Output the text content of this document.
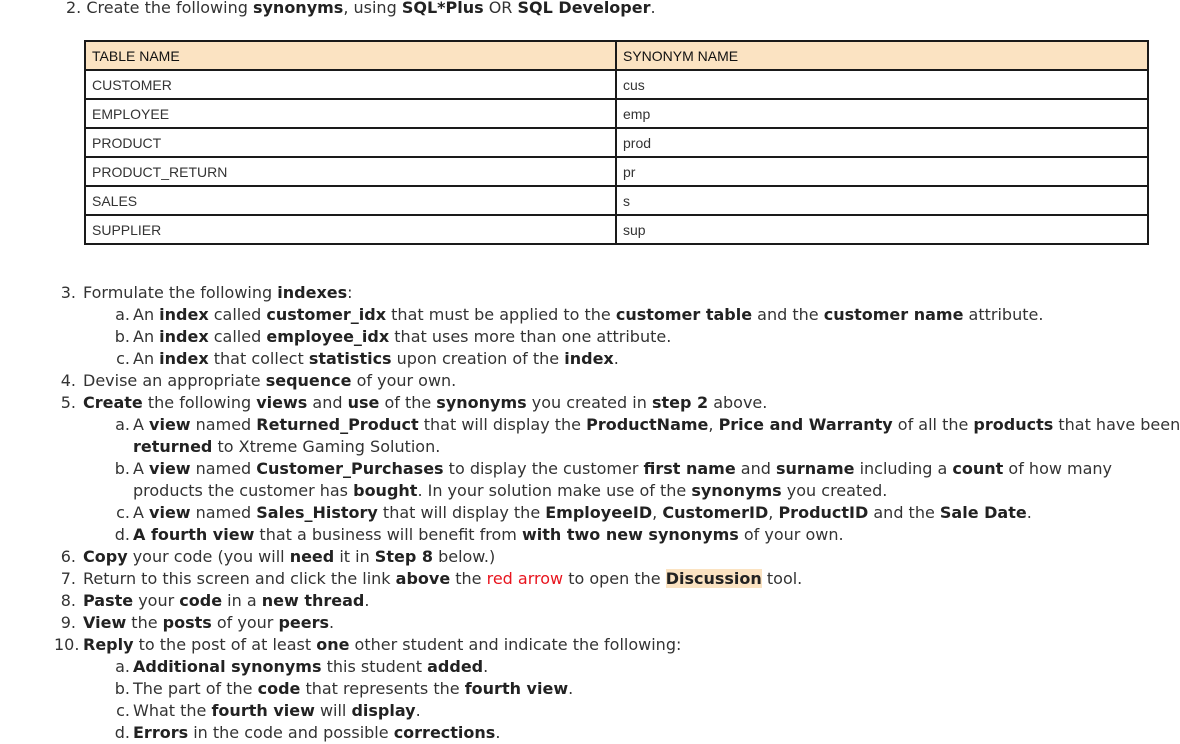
2. Create the following synonyms, using SQL*Plus OR SQL Developer.
TABLE NAME	SYNONYM NAME
CUSTOMER	cus
EMPLOYEE	emp
PRODUCT	prod
PRODUCT_RETURN	pr
SALES	s
SUPPLIER	sup
3. Formulate the following indexes:
a. An index called customer_idx that must be applied to the customer table and the customer name attribute.
b. An index called employee_idx that uses more than one attribute.
c. An index that collect statistics upon creation of the index.
4. Devise an appropriate sequence of your own.
5. Create the following views and use of the synonyms you created in step 2 above.
a. A view named Returned_Product that will display the ProductName, Price and Warranty of all the products that have been
returned to Xtreme Gaming Solution.
b. A view named Customer_Purchases to display the customer first name and surname including a count of how many
products the customer has bought. In your solution make use of the synonyms you created.
c. A view named Sales_History that will display the EmployeeID, CustomerID, ProductID and the Sale Date.
d. A fourth view that a business will benefit from with two new synonyms of your own.
6. Copy your code (you will need it in Step 8 below.)
7. Return to this screen and click the link above the red arrow to open the Discussion tool.
8. Paste your code in a new thread.
9. View the posts of your peers.
10. Reply to the post of at least one other student and indicate the following:
a. Additional synonyms this student added.
b. The part of the code that represents the fourth view.
c. What the fourth view will display.
d. Errors in the code and possible corrections.
